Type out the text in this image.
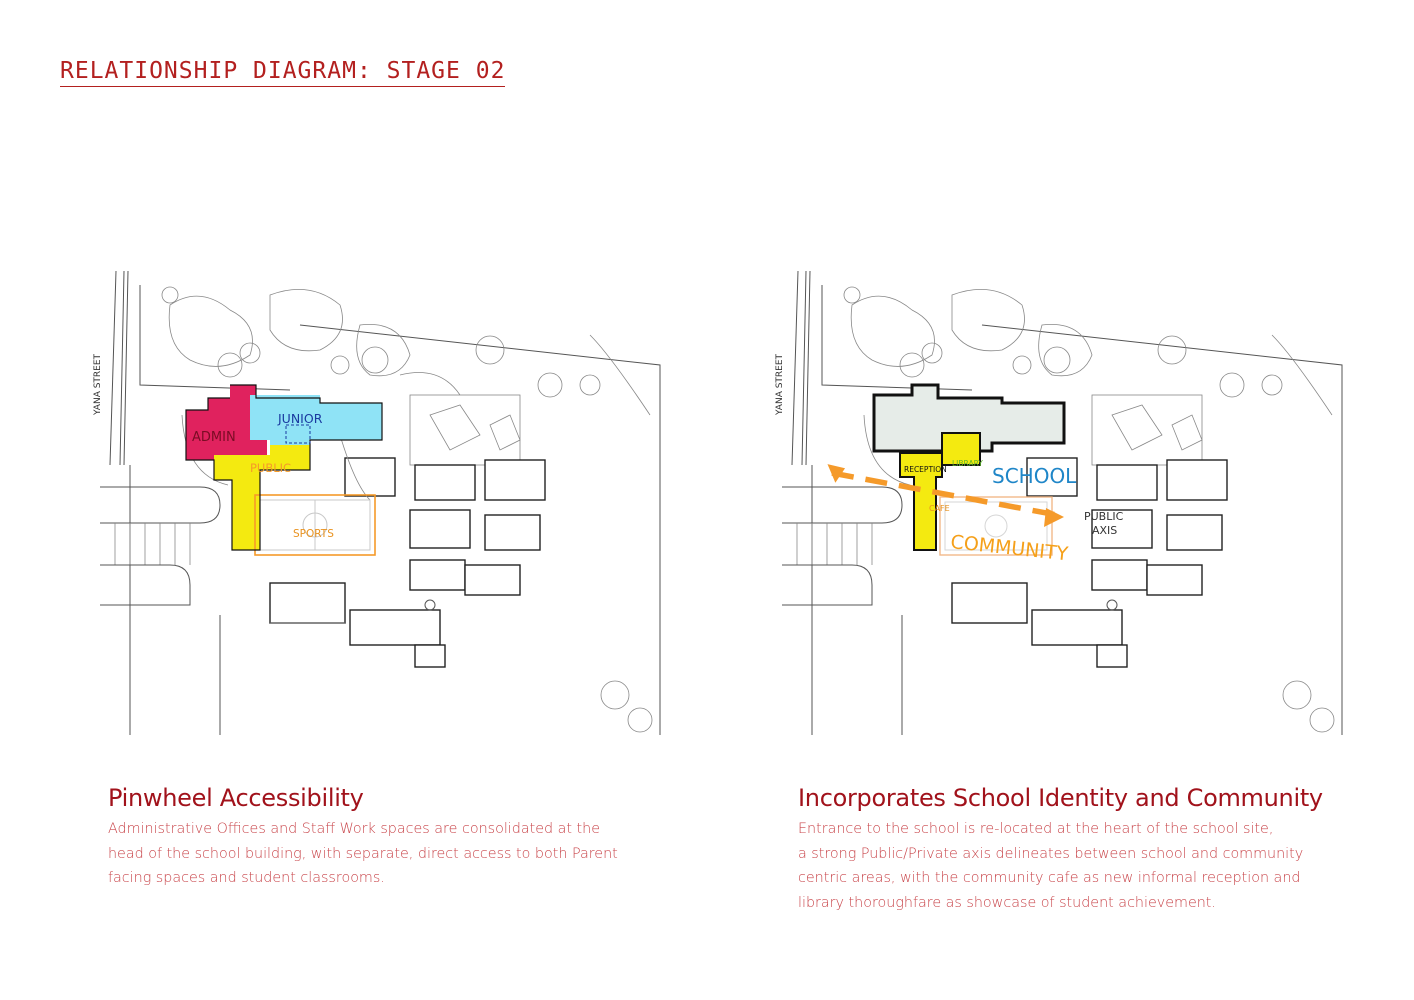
RELATIONSHIP DIAGRAM: STAGE 02
YANA STREET
ADMIN
JUNIOR
PUBLIC
SPORTS
YANA STREET
RECEPTION
LIBRARY
CAFE
SCHOOL
COMMUNITY
PUBLIC
AXIS
Pinwheel Accessibility

Administrative Offices and Staff Work spaces are consolidated at the
head of the school building, with separate, direct access to both Parent
facing spaces and student classrooms.

Incorporates School Identity and Community

Entrance to the school is re-located at the heart of the school site,
a strong Public/Private axis delineates between school and community
centric areas, with the community cafe as new informal reception and
library thoroughfare as showcase of student achievement.
